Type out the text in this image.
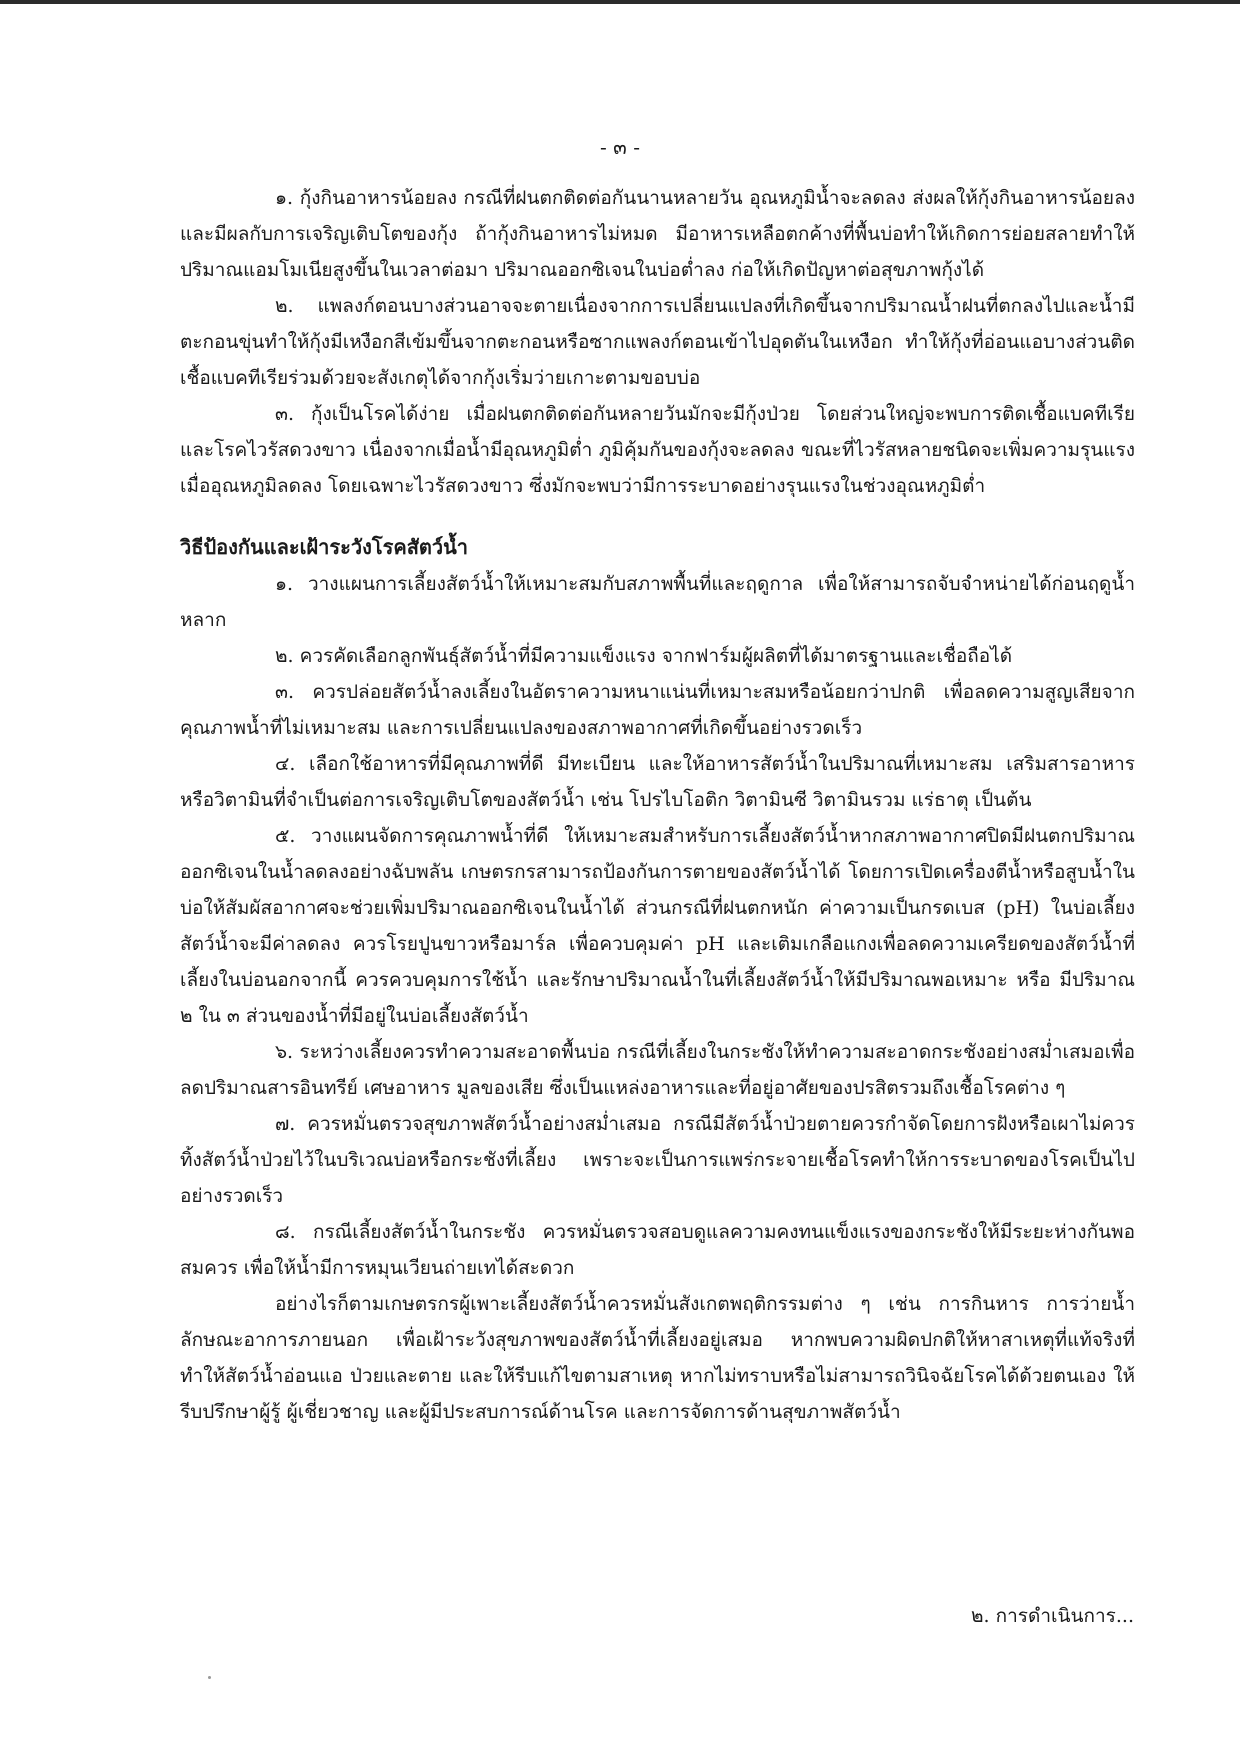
- ๓ -

๑. กุ้งกินอาหารน้อยลง กรณีที่ฝนตกติดต่อกันนานหลายวัน อุณหภูมิน้ำจะลดลง ส่งผลให้กุ้งกินอาหารน้อยลง และมีผลกับการเจริญเติบโตของกุ้ง ถ้ากุ้งกินอาหารไม่หมด มีอาหารเหลือตกค้างที่พื้นบ่อทำให้เกิดการย่อยสลายทำให้ปริมาณแอมโมเนียสูงขึ้นในเวลาต่อมา ปริมาณออกซิเจนในบ่อต่ำลง ก่อให้เกิดปัญหาต่อสุขภาพกุ้งได้

๒. แพลงก์ตอนบางส่วนอาจจะตายเนื่องจากการเปลี่ยนแปลงที่เกิดขึ้นจากปริมาณน้ำฝนที่ตกลงไปและน้ำมีตะกอนขุ่นทำให้กุ้งมีเหงือกสีเข้มขึ้นจากตะกอนหรือซากแพลงก์ตอนเข้าไปอุดตันในเหงือก ทำให้กุ้งที่อ่อนแอบางส่วนติดเชื้อแบคทีเรียร่วมด้วยจะสังเกตุได้จากกุ้งเริ่มว่ายเกาะตามขอบบ่อ

๓. กุ้งเป็นโรคได้ง่าย เมื่อฝนตกติดต่อกันหลายวันมักจะมีกุ้งป่วย โดยส่วนใหญ่จะพบการติดเชื้อแบคทีเรีย และโรคไวรัสดวงขาว เนื่องจากเมื่อน้ำมีอุณหภูมิต่ำ ภูมิคุ้มกันของกุ้งจะลดลง ขณะที่ไวรัสหลายชนิดจะเพิ่มความรุนแรงเมื่ออุณหภูมิลดลง โดยเฉพาะไวรัสดวงขาว ซึ่งมักจะพบว่ามีการระบาดอย่างรุนแรงในช่วงอุณหภูมิต่ำ

วิธีป้องกันและเฝ้าระวังโรคสัตว์น้ำ

๑. วางแผนการเลี้ยงสัตว์น้ำให้เหมาะสมกับสภาพพื้นที่และฤดูกาล เพื่อให้สามารถจับจำหน่ายได้ก่อนฤดูน้ำหลาก

๒. ควรคัดเลือกลูกพันธุ์สัตว์น้ำที่มีความแข็งแรง จากฟาร์มผู้ผลิตที่ได้มาตรฐานและเชื่อถือได้

๓. ควรปล่อยสัตว์น้ำลงเลี้ยงในอัตราความหนาแน่นที่เหมาะสมหรือน้อยกว่าปกติ เพื่อลดความสูญเสียจากคุณภาพน้ำที่ไม่เหมาะสม และการเปลี่ยนแปลงของสภาพอากาศที่เกิดขึ้นอย่างรวดเร็ว

๔. เลือกใช้อาหารที่มีคุณภาพที่ดี มีทะเบียน และให้อาหารสัตว์น้ำในปริมาณที่เหมาะสม เสริมสารอาหารหรือวิตามินที่จำเป็นต่อการเจริญเติบโตของสัตว์น้ำ เช่น โปรไบโอติก วิตามินซี วิตามินรวม แร่ธาตุ เป็นต้น

๕. วางแผนจัดการคุณภาพน้ำที่ดี ให้เหมาะสมสำหรับการเลี้ยงสัตว์น้ำหากสภาพอากาศปิดมีฝนตกปริมาณออกซิเจนในน้ำลดลงอย่างฉับพลัน เกษตรกรสามารถป้องกันการตายของสัตว์น้ำได้ โดยการเปิดเครื่องตีน้ำหรือสูบน้ำในบ่อให้สัมผัสอากาศจะช่วยเพิ่มปริมาณออกซิเจนในน้ำได้ ส่วนกรณีที่ฝนตกหนัก ค่าความเป็นกรดเบส (pH) ในบ่อเลี้ยงสัตว์น้ำจะมีค่าลดลง ควรโรยปูนขาวหรือมาร์ล เพื่อควบคุมค่า pH และเติมเกลือแกงเพื่อลดความเครียดของสัตว์น้ำที่เลี้ยงในบ่อนอกจากนี้ ควรควบคุมการใช้น้ำ และรักษาปริมาณน้ำในที่เลี้ยงสัตว์น้ำให้มีปริมาณพอเหมาะ หรือ มีปริมาณ ๒ ใน ๓ ส่วนของน้ำที่มีอยู่ในบ่อเลี้ยงสัตว์น้ำ

๖. ระหว่างเลี้ยงควรทำความสะอาดพื้นบ่อ กรณีที่เลี้ยงในกระชังให้ทำความสะอาดกระชังอย่างสม่ำเสมอเพื่อลดปริมาณสารอินทรีย์ เศษอาหาร มูลของเสีย ซึ่งเป็นแหล่งอาหารและที่อยู่อาศัยของปรสิตรวมถึงเชื้อโรคต่าง ๆ

๗. ควรหมั่นตรวจสุขภาพสัตว์น้ำอย่างสม่ำเสมอ กรณีมีสัตว์น้ำป่วยตายควรกำจัดโดยการฝังหรือเผาไม่ควรทิ้งสัตว์น้ำป่วยไว้ในบริเวณบ่อหรือกระชังที่เลี้ยง เพราะจะเป็นการแพร่กระจายเชื้อโรคทำให้การระบาดของโรคเป็นไปอย่างรวดเร็ว

๘. กรณีเลี้ยงสัตว์น้ำในกระชัง ควรหมั่นตรวจสอบดูแลความคงทนแข็งแรงของกระชังให้มีระยะห่างกันพอสมควร เพื่อให้น้ำมีการหมุนเวียนถ่ายเทได้สะดวก

อย่างไรก็ตามเกษตรกรผู้เพาะเลี้ยงสัตว์น้ำควรหมั่นสังเกตพฤติกรรมต่าง ๆ เช่น การกินหาร การว่ายน้ำลักษณะอาการภายนอก เพื่อเฝ้าระวังสุขภาพของสัตว์น้ำที่เลี้ยงอยู่เสมอ หากพบความผิดปกติให้หาสาเหตุที่แท้จริงที่ทำให้สัตว์น้ำอ่อนแอ ป่วยและตาย และให้รีบแก้ไขตามสาเหตุ หากไม่ทราบหรือไม่สามารถวินิจฉัยโรคได้ด้วยตนเอง ให้รีบปรึกษาผู้รู้ ผู้เชี่ยวชาญ และผู้มีประสบการณ์ด้านโรค และการจัดการด้านสุขภาพสัตว์น้ำ

๒. การดำเนินการ...
